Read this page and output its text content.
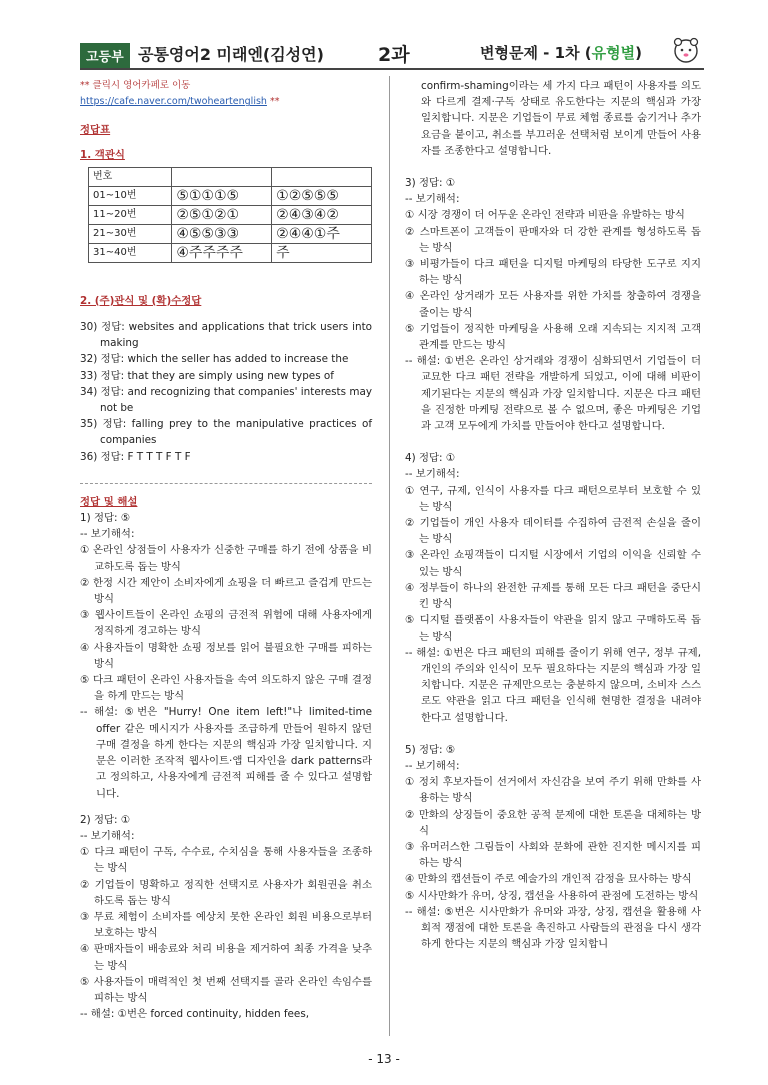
고등부 공통영어2 미래엔(김성연)	2과	변형문제 - 1차 (유형별)
** 클릭시 영어카페로 이동 https://cafe.naver.com/twoheartenglish **
정답표
1. 객관식
번호		
01~10번	⑤①①①⑤	①②⑤⑤⑤
11~20번	②⑤①②①	②④③④②
21~30번	④⑤⑤③③	②④④①주
31~40번	④주주주주	주
2. (주)관식 및 (확)수정답
30) 정답: websites and applications that trick users into making
32) 정답: which the seller has added to increase the
33) 정답: that they are simply using new types of
34) 정답: and recognizing that companies' interests may not be
35) 정답: falling prey to the manipulative practices of companies
36) 정답: F T T T F T F
정답 및 해설
1) 정답: ⑤
-- 보기해석:
① 온라인 상점들이 사용자가 신중한 구매를 하기 전에 상품을 비교하도록 돕는 방식
② 한정 시간 제안이 소비자에게 쇼핑을 더 빠르고 즐겁게 만드는 방식
③ 웹사이트들이 온라인 쇼핑의 금전적 위험에 대해 사용자에게 정직하게 경고하는 방식
④ 사용자들이 명확한 쇼핑 정보를 읽어 불필요한 구매를 피하는 방식
⑤ 다크 패턴이 온라인 사용자들을 속여 의도하지 않은 구매 결정을 하게 만드는 방식
-- 해설: ⑤번은 "Hurry! One item left!"나 limited-time offer 같은 메시지가 사용자를 조급하게 만들어 원하지 않던 구매 결정을 하게 한다는 지문의 핵심과 가장 일치합니다. 지문은 이러한 조작적 웹사이트·앱 디자인을 dark patterns라고 정의하고, 사용자에게 금전적 피해를 줄 수 있다고 설명합니다.
2) 정답: ①
-- 보기해석:
① 다크 패턴이 구독, 수수료, 수치심을 통해 사용자들을 조종하는 방식
② 기업들이 명확하고 정직한 선택지로 사용자가 회원권을 취소하도록 돕는 방식
③ 무료 체험이 소비자를 예상치 못한 온라인 회원 비용으로부터 보호하는 방식
④ 판매자들이 배송료와 처리 비용을 제거하여 최종 가격을 낮추는 방식
⑤ 사용자들이 매력적인 첫 번째 선택지를 골라 온라인 속임수를 피하는 방식
-- 해설: ①번은 forced continuity, hidden fees,
confirm-shaming이라는 세 가지 다크 패턴이 사용자를 의도와 다르게 결제·구독 상태로 유도한다는 지문의 핵심과 가장 일치합니다. 지문은 기업들이 무료 체험 종료를 숨기거나 추가 요금을 붙이고, 취소를 부끄러운 선택처럼 보이게 만들어 사용자를 조종한다고 설명합니다.
3) 정답: ①
-- 보기해석:
① 시장 경쟁이 더 어두운 온라인 전략과 비판을 유발하는 방식
② 스마트폰이 고객들이 판매자와 더 강한 관계를 형성하도록 돕는 방식
③ 비평가들이 다크 패턴을 디지털 마케팅의 타당한 도구로 지지하는 방식
④ 온라인 상거래가 모든 사용자를 위한 가치를 창출하여 경쟁을 줄이는 방식
⑤ 기업들이 정직한 마케팅을 사용해 오래 지속되는 지지적 고객 관계를 만드는 방식
-- 해설: ①번은 온라인 상거래와 경쟁이 심화되면서 기업들이 더 교묘한 다크 패턴 전략을 개발하게 되었고, 이에 대해 비판이 제기된다는 지문의 핵심과 가장 일치합니다. 지문은 다크 패턴을 진정한 마케팅 전략으로 볼 수 없으며, 좋은 마케팅은 기업과 고객 모두에게 가치를 만들어야 한다고 설명합니다.
4) 정답: ①
-- 보기해석:
① 연구, 규제, 인식이 사용자를 다크 패턴으로부터 보호할 수 있는 방식
② 기업들이 개인 사용자 데이터를 수집하여 금전적 손실을 줄이는 방식
③ 온라인 쇼핑객들이 디지털 시장에서 기업의 이익을 신뢰할 수 있는 방식
④ 정부들이 하나의 완전한 규제를 통해 모든 다크 패턴을 중단시킨 방식
⑤ 디지털 플랫폼이 사용자들이 약관을 읽지 않고 구매하도록 돕는 방식
-- 해설: ①번은 다크 패턴의 피해를 줄이기 위해 연구, 정부 규제, 개인의 주의와 인식이 모두 필요하다는 지문의 핵심과 가장 일치합니다. 지문은 규제만으로는 충분하지 않으며, 소비자 스스로도 약관을 읽고 다크 패턴을 인식해 현명한 결정을 내려야 한다고 설명합니다.
5) 정답: ⑤
-- 보기해석:
① 정치 후보자들이 선거에서 자신감을 보여 주기 위해 만화를 사용하는 방식
② 만화의 상징들이 중요한 공적 문제에 대한 토론을 대체하는 방식
③ 유머러스한 그림들이 사회와 문화에 관한 진지한 메시지를 피하는 방식
④ 만화의 캡션들이 주로 예술가의 개인적 감정을 묘사하는 방식
⑤ 시사만화가 유머, 상징, 캡션을 사용하여 관점에 도전하는 방식
-- 해설: ⑤번은 시사만화가 유머와 과장, 상징, 캡션을 활용해 사회적 쟁점에 대한 토론을 촉진하고 사람들의 관점을 다시 생각하게 한다는 지문의 핵심과 가장 일치합니
- 13 -
